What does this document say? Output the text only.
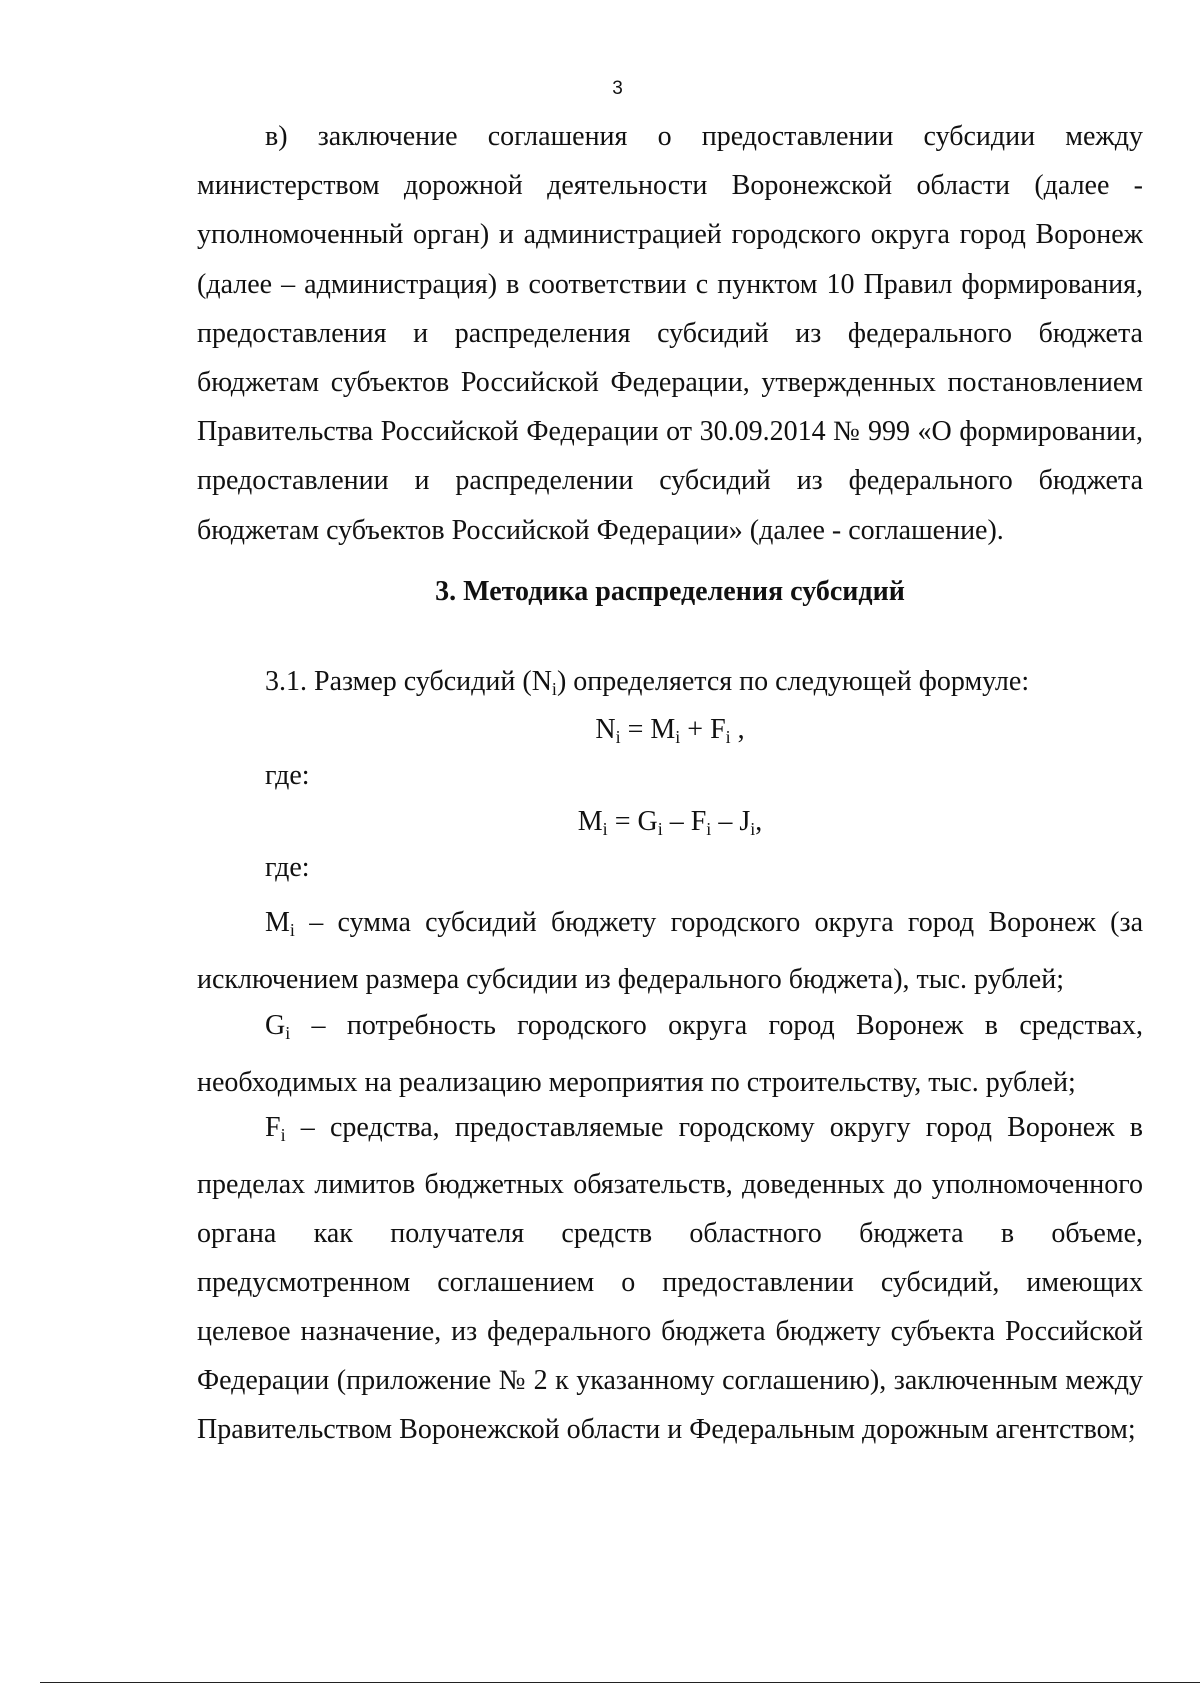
3

в) заключение соглашения о предоставлении субсидии между министерством дорожной деятельности Воронежской области (далее - уполномоченный орган) и администрацией городского округа город Воронеж (далее – администрация) в соответствии с пунктом 10 Правил формирования, предоставления и распределения субсидий из федерального бюджета бюджетам субъектов Российской Федерации, утвержденных постановлением Правительства Российской Федерации от 30.09.2014 № 999 «О формировании, предоставлении и распределении субсидий из федерального бюджета бюджетам субъектов Российской Федерации» (далее - соглашение).

3. Методика распределения субсидий
3.1. Размер субсидий $(N_i)$ определяется по следующей формуле:
$N_i = M_i + F_i$ ,
где:
$M_i = G_i - F_i - J_i$,
где:

$M_i$ – сумма субсидий бюджету городского округа город Воронеж (за исключением размера субсидии из федерального бюджета), тыс. рублей;

$G_i$ – потребность городского округа город Воронеж в средствах, необходимых на реализацию мероприятия по строительству, тыс. рублей;

$F_i$ – средства, предоставляемые городскому округу город Воронеж в пределах лимитов бюджетных обязательств, доведенных до уполномоченного органа как получателя средств областного бюджета в объеме, предусмотренном соглашением о предоставлении субсидий, имеющих целевое назначение, из федерального бюджета бюджету субъекта Российской Федерации (приложение № 2 к указанному соглашению), заключенным между Правительством Воронежской области и Федеральным дорожным агентством;
